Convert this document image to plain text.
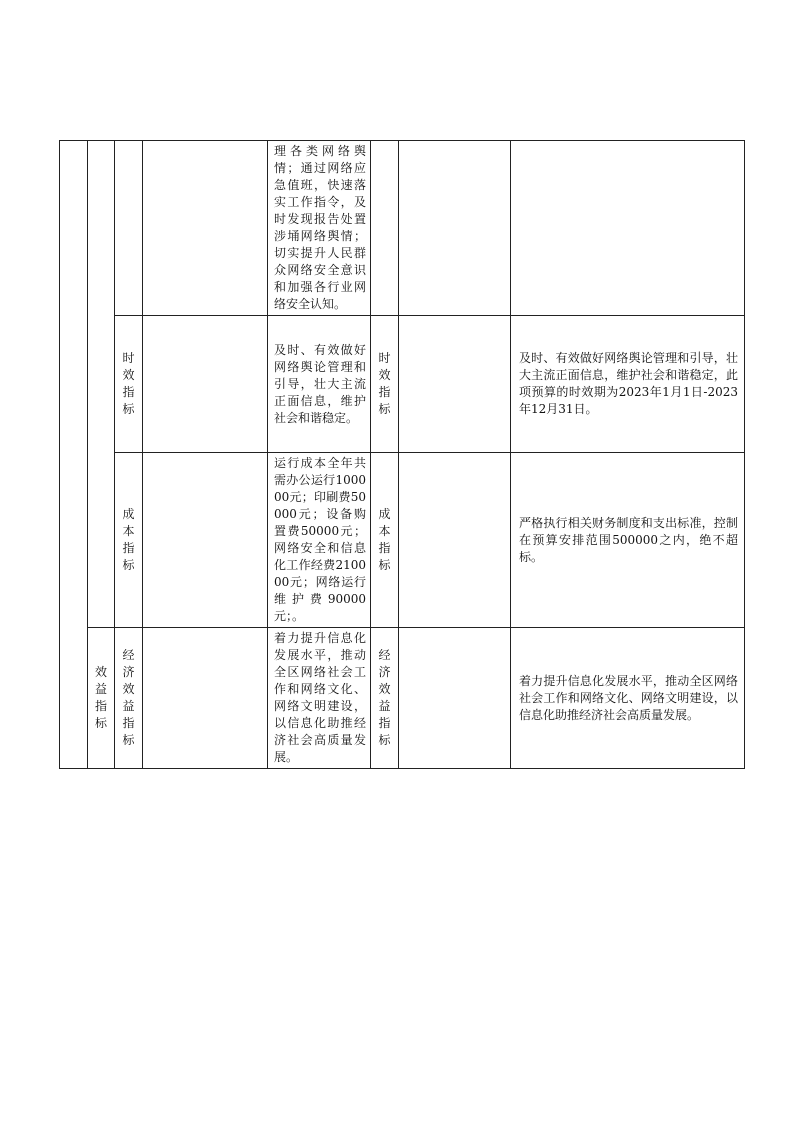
		理各类网络舆情；通过网络应急值班，快速落实工作指令，及时发现报告处置涉埇网络舆情；切实提升人民群众网络安全意识和加强各行业网络安全认知。	

		时效指标		及时、有效做好网络舆论管理和引导，壮大主流正面信息，维护社会和谐稳定。	时效指标		及时、有效做好网络舆论管理和引导，壮大主流正面信息，维护社会和谐稳定，此项预算的时效期为2023年1月1日-2023年12月31日。

		成本指标		运行成本全年共需办公运行100000元；印刷费50000元；设备购置费50000元；网络安全和信息化工作经费210000元；网络运行维护费90000元；。	成本指标		严格执行相关财务制度和支出标准，控制在预算安排范围500000之内，绝不超标。

	效益指标	经济效益指标		着力提升信息化发展水平，推动全区网络社会工作和网络文化、网络文明建设，以信息化助推经济社会高质量发展。	经济效益指标		着力提升信息化发展水平，推动全区网络社会工作和网络文化、网络文明建设，以信息化助推经济社会高质量发展。
